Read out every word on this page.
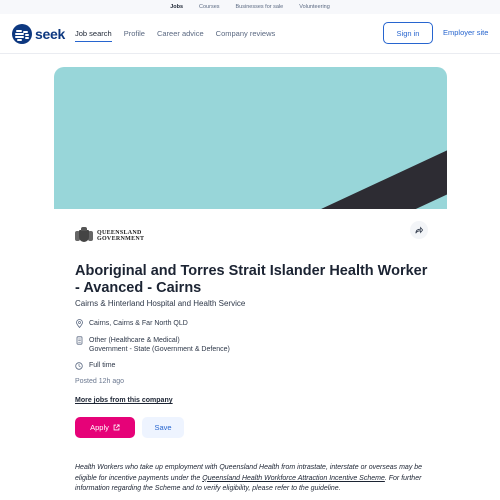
Jobs	Courses	Businesses for sale	Volunteering
seek Job search Profile Career advice Company reviews	Sign in	Employer site
#BeHere4Qld
QUEENSLAND
GOVERNMENT
Aboriginal and Torres Strait Islander Health Worker - Avanced - Cairns
Cairns & Hinterland Hospital and Health Service
Cairns, Cairns & Far North QLD
Other (Healthcare & Medical)
Government - State (Government & Defence)
Full time
Posted 12h ago
More jobs from this company
Apply	Save

Health Workers who take up employment with Queensland Health from intrastate, interstate or overseas may be eligible for incentive payments under the Queensland Health Workforce Attraction Incentive Scheme. For further information regarding the Scheme and to verify eligibility, please refer to the guideline.
